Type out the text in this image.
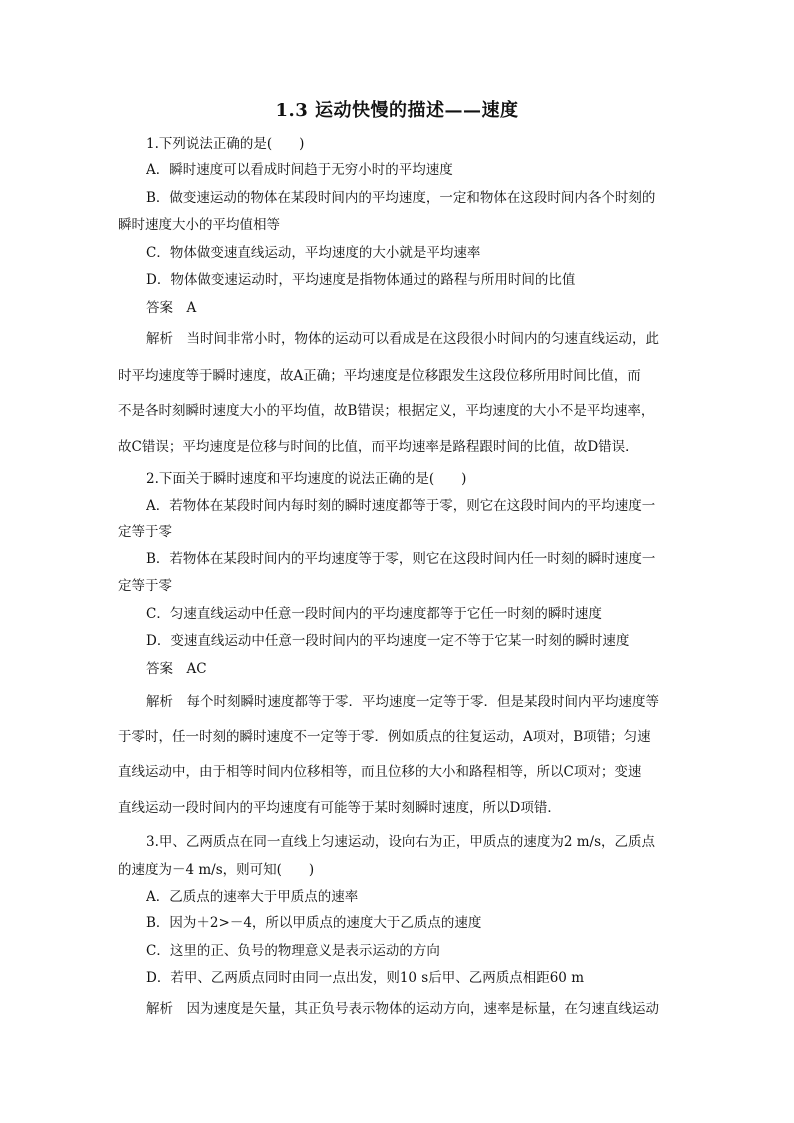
1.3 运动快慢的描述——速度
1.下列说法正确的是(　　)
A．瞬时速度可以看成时间趋于无穷小时的平均速度
B．做变速运动的物体在某段时间内的平均速度，一定和物体在这段时间内各个时刻的
瞬时速度大小的平均值相等
C．物体做变速直线运动，平均速度的大小就是平均速率
D．物体做变速运动时，平均速度是指物体通过的路程与所用时间的比值
答案　A
解析　当时间非常小时，物体的运动可以看成是在这段很小时间内的匀速直线运动，此
时平均速度等于瞬时速度，故A正确；平均速度是位移跟发生这段位移所用时间比值，而
不是各时刻瞬时速度大小的平均值，故B错误；根据定义，平均速度的大小不是平均速率，
故C错误；平均速度是位移与时间的比值，而平均速率是路程跟时间的比值，故D错误．
2.下面关于瞬时速度和平均速度的说法正确的是(　　)
A．若物体在某段时间内每时刻的瞬时速度都等于零，则它在这段时间内的平均速度一
定等于零
B．若物体在某段时间内的平均速度等于零，则它在这段时间内任一时刻的瞬时速度一
定等于零
C．匀速直线运动中任意一段时间内的平均速度都等于它任一时刻的瞬时速度
D．变速直线运动中任意一段时间内的平均速度一定不等于它某一时刻的瞬时速度
答案　AC
解析　每个时刻瞬时速度都等于零．平均速度一定等于零．但是某段时间内平均速度等
于零时，任一时刻的瞬时速度不一定等于零．例如质点的往复运动，A项对，B项错；匀速
直线运动中，由于相等时间内位移相等，而且位移的大小和路程相等，所以C项对；变速
直线运动一段时间内的平均速度有可能等于某时刻瞬时速度，所以D项错．
3.甲、乙两质点在同一直线上匀速运动，设向右为正，甲质点的速度为2 m/s，乙质点
的速度为－4 m/s，则可知(　　)
A．乙质点的速率大于甲质点的速率
B．因为＋2>－4，所以甲质点的速度大于乙质点的速度
C．这里的正、负号的物理意义是表示运动的方向
D．若甲、乙两质点同时由同一点出发，则10 s后甲、乙两质点相距60 m
解析　因为速度是矢量，其正负号表示物体的运动方向，速率是标量，在匀速直线运动
